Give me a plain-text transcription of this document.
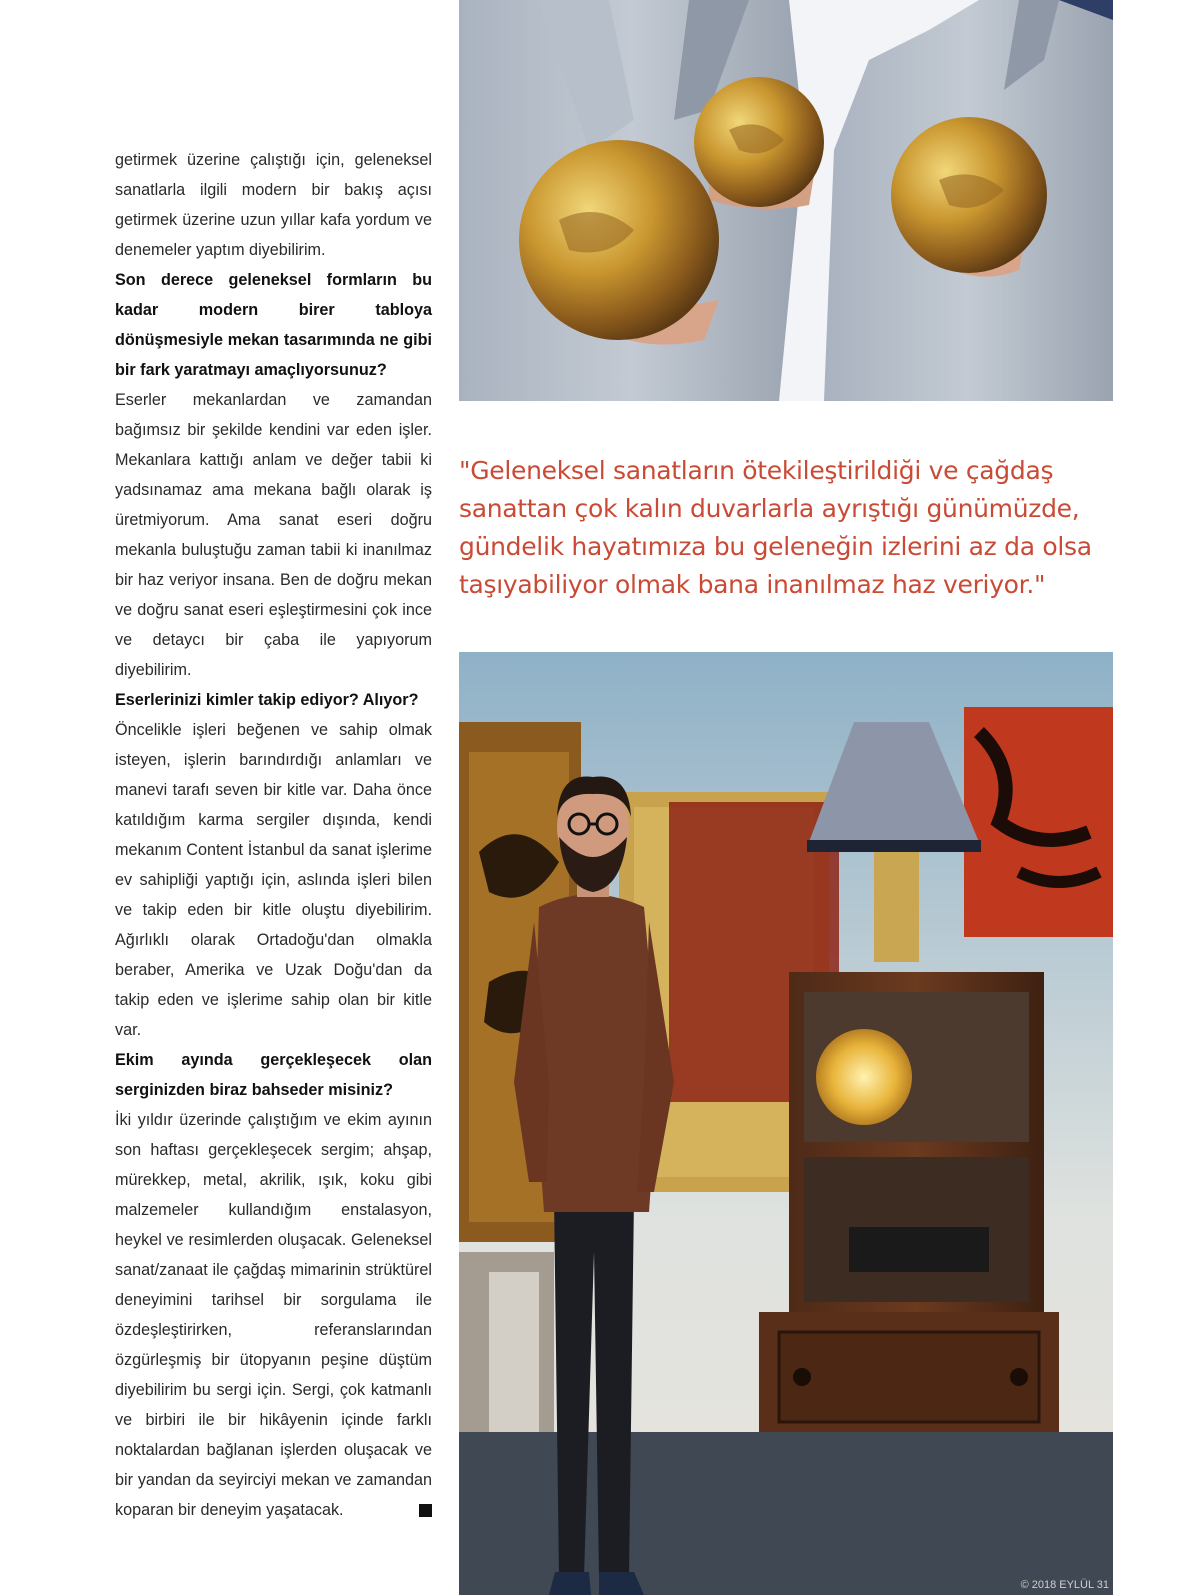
getirmek üzerine çalıştığı için, geleneksel sanatlarla ilgili modern bir bakış açısı getirmek üzerine uzun yıllar kafa yordum ve denemeler yaptım diyebilirim.

Son derece geleneksel formların bu kadar modern birer tabloya dönüşmesiyle mekan tasarımında ne gibi bir fark yaratmayı amaçlıyorsunuz?

Eserler mekanlardan ve zamandan bağımsız bir şekilde kendini var eden işler. Mekanlara kattığı anlam ve değer tabii ki yadsınamaz ama mekana bağlı olarak iş üretmiyorum. Ama sanat eseri doğru mekanla buluştuğu zaman tabii ki inanılmaz bir haz veriyor insana. Ben de doğru mekan ve doğru sanat eseri eşleştirmesini çok ince ve detaycı bir çaba ile yapıyorum diyebilirim.

Eserlerinizi kimler takip ediyor? Alıyor?

Öncelikle işleri beğenen ve sahip olmak isteyen, işlerin barındırdığı anlamları ve manevi tarafı seven bir kitle var. Daha önce katıldığım karma sergiler dışında, kendi mekanım Content İstanbul da sanat işlerime ev sahipliği yaptığı için, aslında işleri bilen ve takip eden bir kitle oluştu diyebilirim. Ağırlıklı olarak Ortadoğu'dan olmakla beraber, Amerika ve Uzak Doğu'dan da takip eden ve işlerime sahip olan bir kitle var.

Ekim ayında gerçekleşecek olan serginizden biraz bahseder misiniz?

İki yıldır üzerinde çalıştığım ve ekim ayının son haftası gerçekleşecek sergim; ahşap, mürekkep, metal, akrilik, ışık, koku gibi malzemeler kullandığım enstalasyon, heykel ve resimlerden oluşacak. Geleneksel sanat/zanaat ile çağdaş mimarinin strüktürel deneyimini tarihsel bir sorgulama ile özdeşleştirirken, referanslarından özgürleşmiş bir ütopyanın peşine düştüm diyebilirim bu sergi için. Sergi, çok katmanlı ve birbiri ile bir hikâyenin içinde farklı noktalardan bağlanan işlerden oluşacak ve bir yandan da seyirciyi mekan ve zamandan koparan bir deneyim yaşatacak.

"Geleneksel sanatların ötekileştirildiği ve çağdaş sanattan çok kalın duvarlarla ayrıştığı günümüzde, gündelik hayatımıza bu geleneğin izlerini az da olsa taşıyabiliyor olmak bana inanılmaz haz veriyor."
© 2018 EYLÜL 31
